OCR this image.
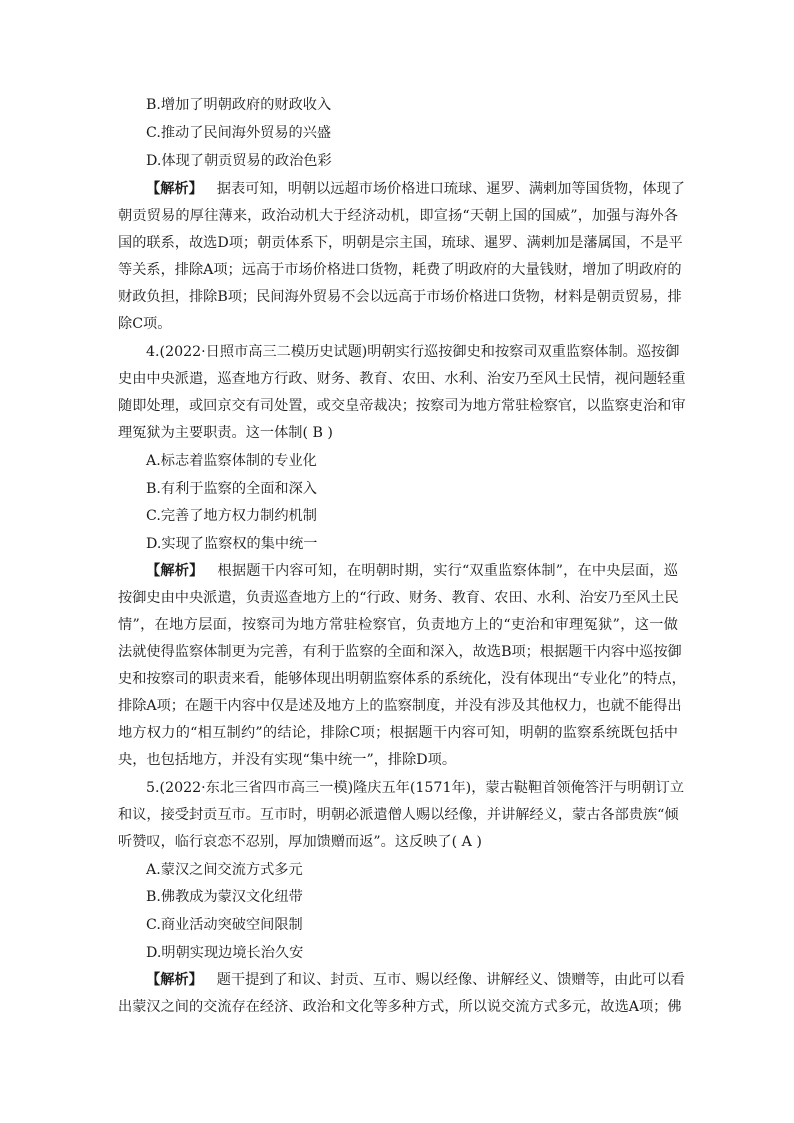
B.增加了明朝政府的财政收入
C.推动了民间海外贸易的兴盛
D.体现了朝贡贸易的政治色彩
【解析】 据表可知，明朝以远超市场价格进口琉球、暹罗、满剌加等国货物，体现了
朝贡贸易的厚往薄来，政治动机大于经济动机，即宣扬“天朝上国的国威”，加强与海外各
国的联系，故选D项；朝贡体系下，明朝是宗主国，琉球、暹罗、满剌加是藩属国，不是平
等关系，排除A项；远高于市场价格进口货物，耗费了明政府的大量钱财，增加了明政府的
财政负担，排除B项；民间海外贸易不会以远高于市场价格进口货物，材料是朝贡贸易，排
除C项。
4.(2022·日照市高三二模历史试题)明朝实行巡按御史和按察司双重监察体制。巡按御
史由中央派遣，巡查地方行政、财务、教育、农田、水利、治安乃至风土民情，视问题轻重
随即处理，或回京交有司处置，或交皇帝裁决；按察司为地方常驻检察官，以监察吏治和审
理冤狱为主要职责。这一体制( B )
A.标志着监察体制的专业化
B.有利于监察的全面和深入
C.完善了地方权力制约机制
D.实现了监察权的集中统一
【解析】 根据题干内容可知，在明朝时期，实行“双重监察体制”，在中央层面，巡
按御史由中央派遣，负责巡查地方上的“行政、财务、教育、农田、水利、治安乃至风土民
情”，在地方层面，按察司为地方常驻检察官，负责地方上的“吏治和审理冤狱”，这一做
法就使得监察体制更为完善，有利于监察的全面和深入，故选B项；根据题干内容中巡按御
史和按察司的职责来看，能够体现出明朝监察体系的系统化，没有体现出“专业化”的特点，
排除A项；在题干内容中仅是述及地方上的监察制度，并没有涉及其他权力，也就不能得出
地方权力的“相互制约”的结论，排除C项；根据题干内容可知，明朝的监察系统既包括中
央，也包括地方，并没有实现“集中统一”，排除D项。
5.(2022·东北三省四市高三一模)隆庆五年(1571年)，蒙古鞑靼首领俺答汗与明朝订立
和议，接受封贡互市。互市时，明朝必派遣僧人赐以经像，并讲解经义，蒙古各部贵族“倾
听赞叹，临行哀恋不忍别，厚加馈赠而返”。这反映了( A )
A.蒙汉之间交流方式多元
B.佛教成为蒙汉文化纽带
C.商业活动突破空间限制
D.明朝实现边境长治久安
【解析】 题干提到了和议、封贡、互市、赐以经像、讲解经义、馈赠等，由此可以看
出蒙汉之间的交流存在经济、政治和文化等多种方式，所以说交流方式多元，故选A项；佛
